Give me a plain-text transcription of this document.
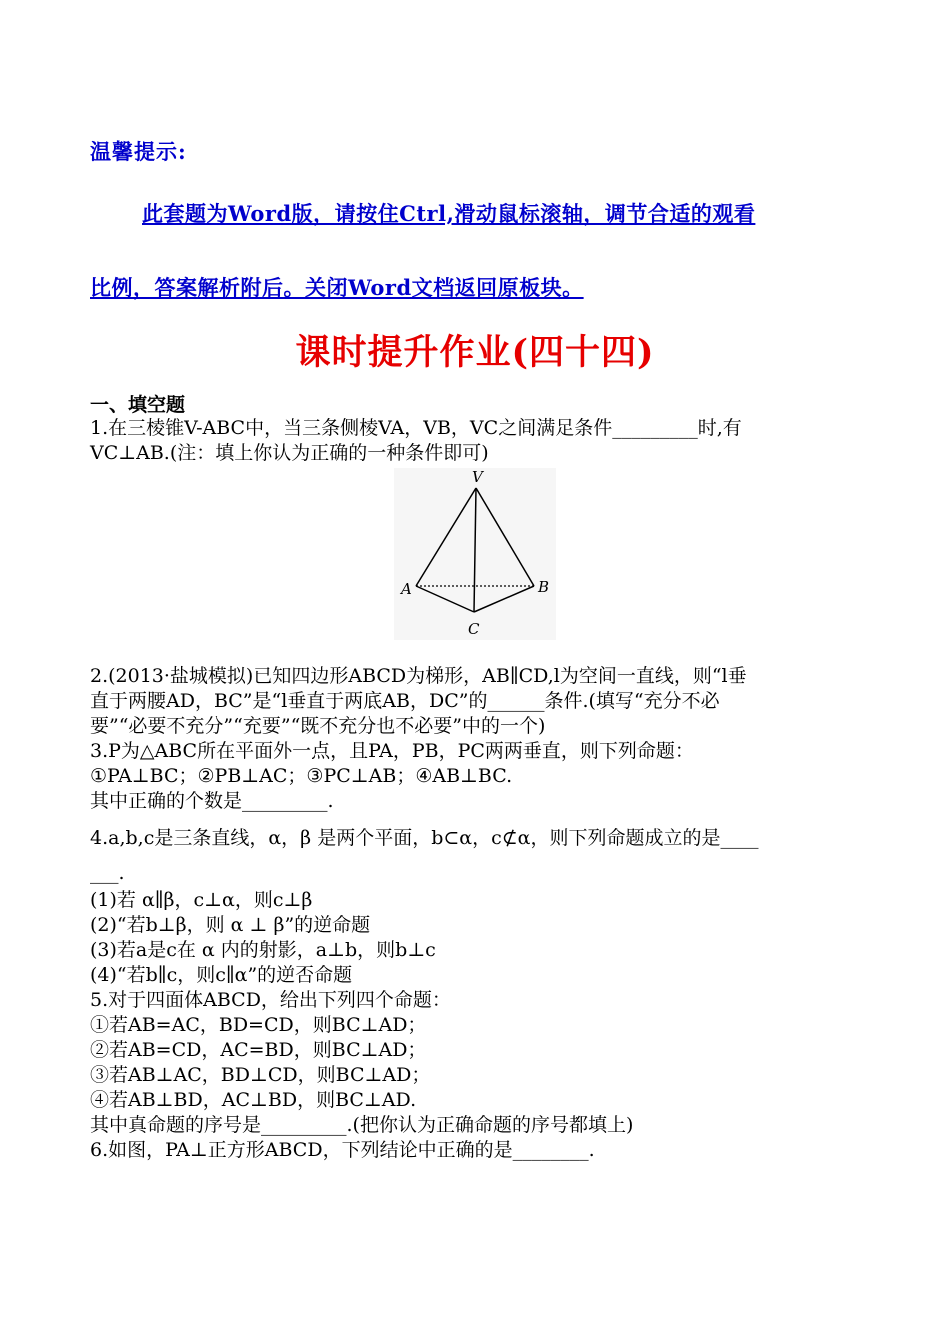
温馨提示:
此套题为Word版，请按住Ctrl,滑动鼠标滚轴，调节合适的观看
比例，答案解析附后。关闭Word文档返回原板块。
课时提升作业(四十四)
一、填空题
1.在三棱锥V-ABC中，当三条侧棱VA，VB，VC之间满足条件_________时,有
VC⊥AB.(注：填上你认为正确的一种条件即可)
V
A	B
C
2.(2013·盐城模拟)已知四边形ABCD为梯形，AB∥CD,l为空间一直线，则“l垂
直于两腰AD，BC”是“l垂直于两底AB，DC”的______条件.(填写“充分不必
要”“必要不充分”“充要”“既不充分也不必要”中的一个)
3.P为△ABC所在平面外一点，且PA，PB，PC两两垂直，则下列命题：
①PA⊥BC；②PB⊥AC；③PC⊥AB；④AB⊥BC.
其中正确的个数是_________.
4.a,b,c是三条直线，α，β 是两个平面，b⊂α，c⊄α，则下列命题成立的是____
___.
(1)若 α∥β，c⊥α，则c⊥β
(2)“若b⊥β，则 α ⊥ β”的逆命题
(3)若a是c在 α 内的射影，a⊥b，则b⊥c
(4)“若b∥c，则c∥α”的逆否命题
5.对于四面体ABCD，给出下列四个命题：
①若AB=AC，BD=CD，则BC⊥AD；
②若AB=CD，AC=BD，则BC⊥AD；
③若AB⊥AC，BD⊥CD，则BC⊥AD；
④若AB⊥BD，AC⊥BD，则BC⊥AD.
其中真命题的序号是_________.(把你认为正确命题的序号都填上)
6.如图，PA⊥正方形ABCD，下列结论中正确的是________.
